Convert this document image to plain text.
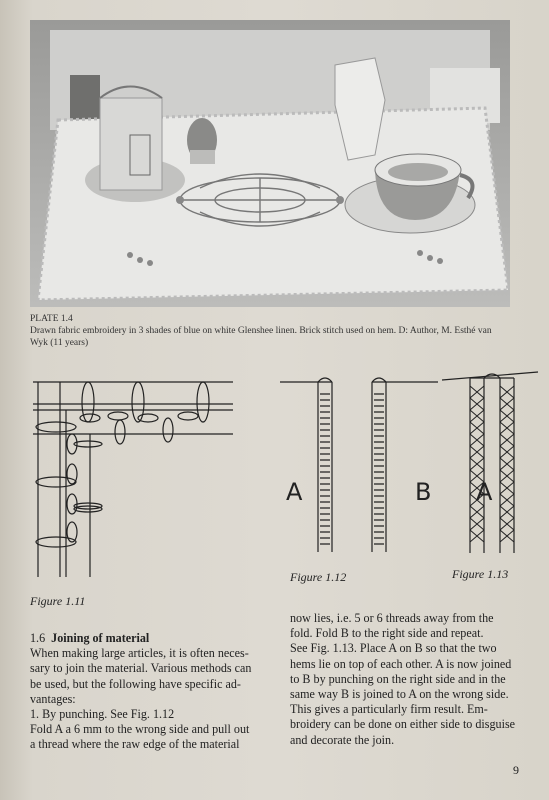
PLATE 1.4
Drawn fabric embroidery in 3 shades of blue on white Glenshee linen. Brick stitch used on hem. D: Author, M. Esthé van
Wyk (11 years)
Figure 1.11
A	B
Figure 1.12
A
Figure 1.13

1.6 Joining of material

When making large articles, it is often neces-

sary to join the material. Various methods can

be used, but the following have specific ad-

vantages:

1. By punching. See Fig. 1.12

Fold A a 6 mm to the wrong side and pull out

a thread where the raw edge of the material

now lies, i.e. 5 or 6 threads away from the

fold. Fold B to the right side and repeat.

See Fig. 1.13. Place A on B so that the two

hems lie on top of each other. A is now joined

to B by punching on the right side and in the

same way B is joined to A on the wrong side.

This gives a particularly firm result. Em-

broidery can be done on either side to disguise

and decorate the join.

9
